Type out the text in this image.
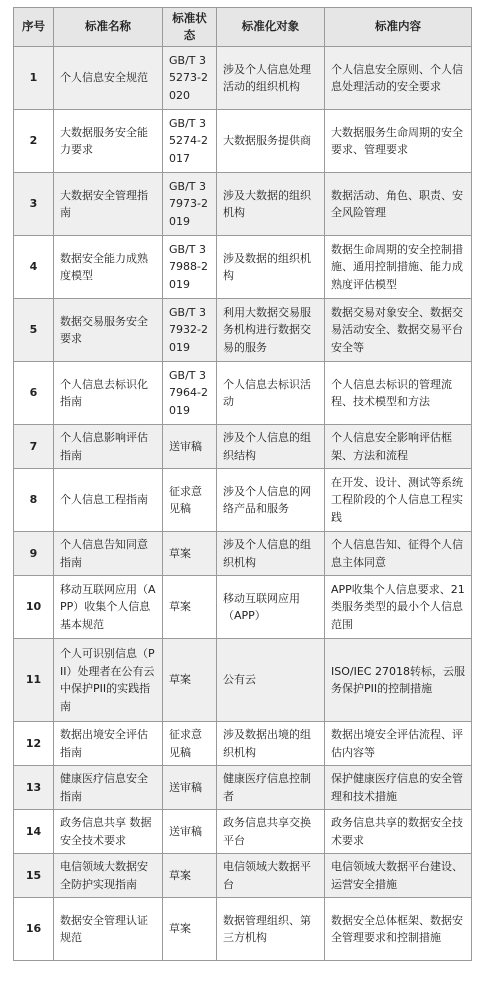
序号	标准名称	标准状态	标准化对象	标准内容
1	个人信息安全规范	GB/T 35273-2020	涉及个人信息处理活动的组织机构	个人信息安全原则、个人信息处理活动的安全要求
2	大数据服务安全能力要求	GB/T 35274-2017	大数据服务提供商	大数据服务生命周期的安全要求、管理要求
3	大数据安全管理指南	GB/T 37973-2019	涉及大数据的组织机构	数据活动、角色、职责、安全风险管理
4	数据安全能力成熟度模型	GB/T 37988-2019	涉及数据的组织机构	数据生命周期的安全控制措施、通用控制措施、能力成熟度评估模型
5	数据交易服务安全要求	GB/T 37932-2019	利用大数据交易服务机构进行数据交易的服务	数据交易对象安全、数据交易活动安全、数据交易平台安全等
6	个人信息去标识化指南	GB/T 37964-2019	个人信息去标识活动	个人信息去标识的管理流程、技术模型和方法
7	个人信息影响评估指南	送审稿	涉及个人信息的组织结构	个人信息安全影响评估框架、方法和流程
8	个人信息工程指南	征求意见稿	涉及个人信息的网络产品和服务	在开发、设计、测试等系统工程阶段的个人信息工程实践
9	个人信息告知同意指南	草案	涉及个人信息的组织机构	个人信息告知、征得个人信息主体同意
10	移动互联网应用（APP）收集个人信息基本规范	草案	移动互联网应用（APP）	APP收集个人信息要求、21类服务类型的最小个人信息范围
11	个人可识别信息（PII）处理者在公有云中保护PII的实践指南	草案	公有云	ISO/IEC 27018转标，云服务保护PII的控制措施
12	数据出境安全评估指南	征求意见稿	涉及数据出境的组织机构	数据出境安全评估流程、评估内容等
13	健康医疗信息安全指南	送审稿	健康医疗信息控制者	保护健康医疗信息的安全管理和技术措施
14	政务信息共享 数据安全技术要求	送审稿	政务信息共享交换平台	政务信息共享的数据安全技术要求
15	电信领域大数据安全防护实现指南	草案	电信领域大数据平台	电信领域大数据平台建设、运营安全措施
16	数据安全管理认证规范	草案	数据管理组织、第三方机构	数据安全总体框架、数据安全管理要求和控制措施
